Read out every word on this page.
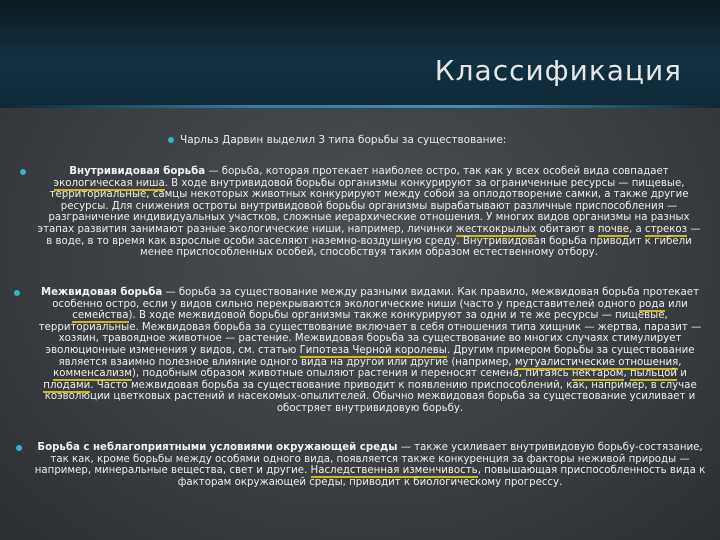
Классификация
Чарльз Дарвин выделил 3 типа борьбы за существование:
Внутривидовая борьба — борьба, которая протекает наиболее остро, так как у всех особей вида совпадает экологическая ниша. В ходе внутривидовой борьбы организмы конкурируют за ограниченные ресурсы — пищевые, территориальные, самцы некоторых животных конкурируют между собой за оплодотворение самки, а также другие ресурсы. Для снижения остроты внутривидовой борьбы организмы вырабатывают различные приспособления — разграничение индивидуальных участков, сложные иерархические отношения. У многих видов организмы на разных этапах развития занимают разные экологические ниши, например, личинки жесткокрылых обитают в почве, а стрекоз — в воде, в то время как взрослые особи заселяют наземно-воздушную среду. Внутривидовая борьба приводит к гибели менее приспособленных особей, способствуя таким образом естественному отбору.
Межвидовая борьба — борьба за существование между разными видами. Как правило, межвидовая борьба протекает особенно остро, если у видов сильно перекрываются экологические ниши (часто у представителей одного рода или семейства). В ходе межвидовой борьбы организмы также конкурируют за одни и те же ресурсы — пищевые, территориальные. Межвидовая борьба за существование включает в себя отношения типа хищник — жертва, паразит — хозяин, травоядное животное — растение. Межвидовая борьба за существование во многих случаях стимулирует эволюционные изменения у видов, см. статью Гипотеза Черной королевы. Другим примером борьбы за существование является взаимно полезное влияние одного вида на другой или другие (например, мутуалистические отношения, комменсализм), подобным образом животные опыляют растения и переносят семена, питаясь нектаром, пыльцой и плодами. Часто межвидовая борьба за существование приводит к появлению приспособлений, как, например, в случае коэволюции цветковых растений и насекомых-опылителей. Обычно межвидовая борьба за существование усиливает и обостряет внутривидовую борьбу.
Борьба с неблагоприятными условиями окружающей среды — также усиливает внутривидовую борьбу-состязание, так как, кроме борьбы между особями одного вида, появляется также конкуренция за факторы неживой природы — например, минеральные вещества, свет и другие. Наследственная изменчивость, повышающая приспособленность вида к факторам окружающей среды, приводит к биологическому прогрессу.
